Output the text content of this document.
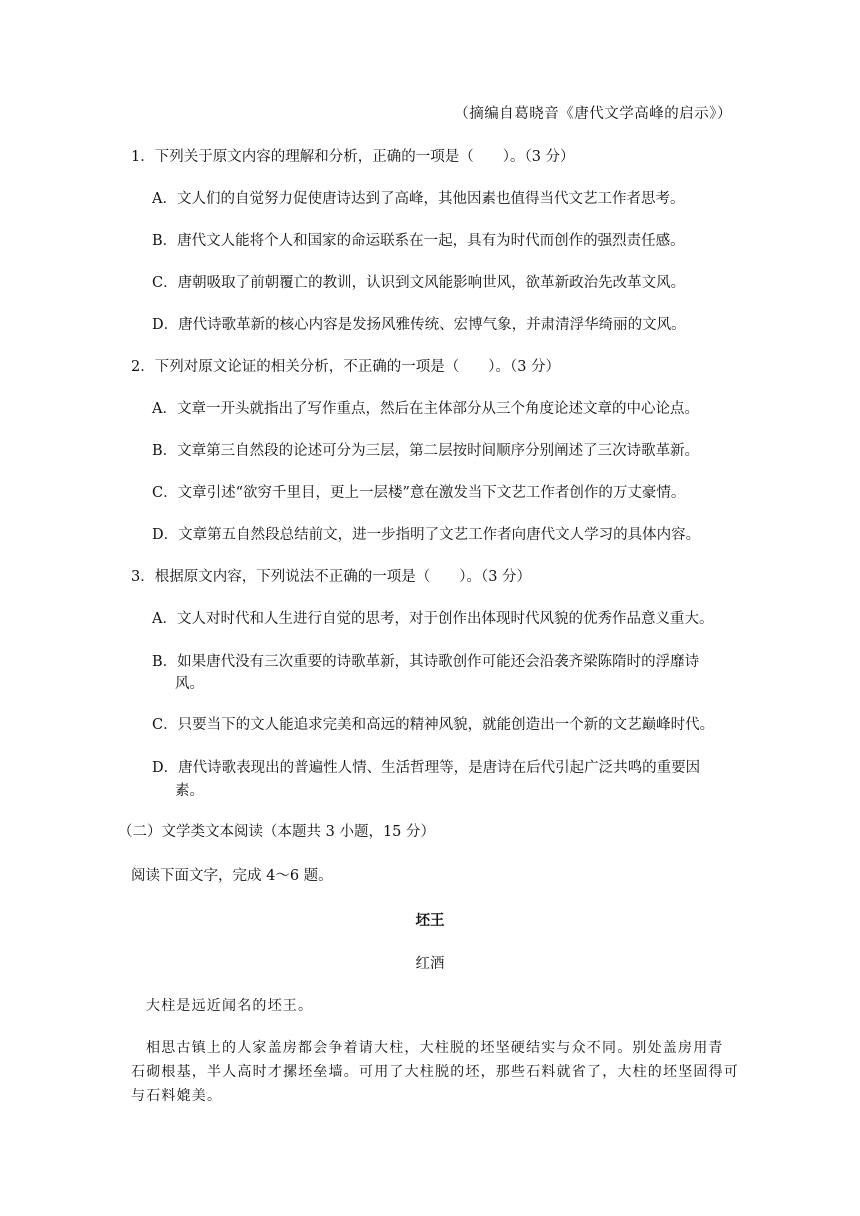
（摘编自葛晓音《唐代文学高峰的启示》）
1．下列关于原文内容的理解和分析，正确的一项是（　　）。（3 分）
A．文人们的自觉努力促使唐诗达到了高峰，其他因素也值得当代文艺工作者思考。
B．唐代文人能将个人和国家的命运联系在一起，具有为时代而创作的强烈责任感。
C．唐朝吸取了前朝覆亡的教训，认识到文风能影响世风，欲革新政治先改革文风。
D．唐代诗歌革新的核心内容是发扬风雅传统、宏博气象，并肃清浮华绮丽的文风。
2．下列对原文论证的相关分析，不正确的一项是（　　）。（3 分）
A．文章一开头就指出了写作重点，然后在主体部分从三个角度论述文章的中心论点。
B．文章第三自然段的论述可分为三层，第二层按时间顺序分别阐述了三次诗歌革新。
C．文章引述“欲穷千里目，更上一层楼”意在激发当下文艺工作者创作的万丈豪情。
D．文章第五自然段总结前文，进一步指明了文艺工作者向唐代文人学习的具体内容。
3．根据原文内容，下列说法不正确的一项是（　　）。（3 分）
A．文人对时代和人生进行自觉的思考，对于创作出体现时代风貌的优秀作品意义重大。
B．如果唐代没有三次重要的诗歌革新，其诗歌创作可能还会沿袭齐梁陈隋时的浮靡诗
风。
C．只要当下的文人能追求完美和高远的精神风貌，就能创造出一个新的文艺巅峰时代。
D．唐代诗歌表现出的普遍性人情、生活哲理等，是唐诗在后代引起广泛共鸣的重要因
素。
（二）文学类文本阅读（本题共 3 小题，15 分）
阅读下面文字，完成 4～6 题。
坯王
红酒
大柱是远近闻名的坯王。
相思古镇上的人家盖房都会争着请大柱，大柱脱的坯坚硬结实与众不同。别处盖房用青
石砌根基，半人高时才摞坯垒墙。可用了大柱脱的坯，那些石料就省了，大柱的坯坚固得可
与石料媲美。
